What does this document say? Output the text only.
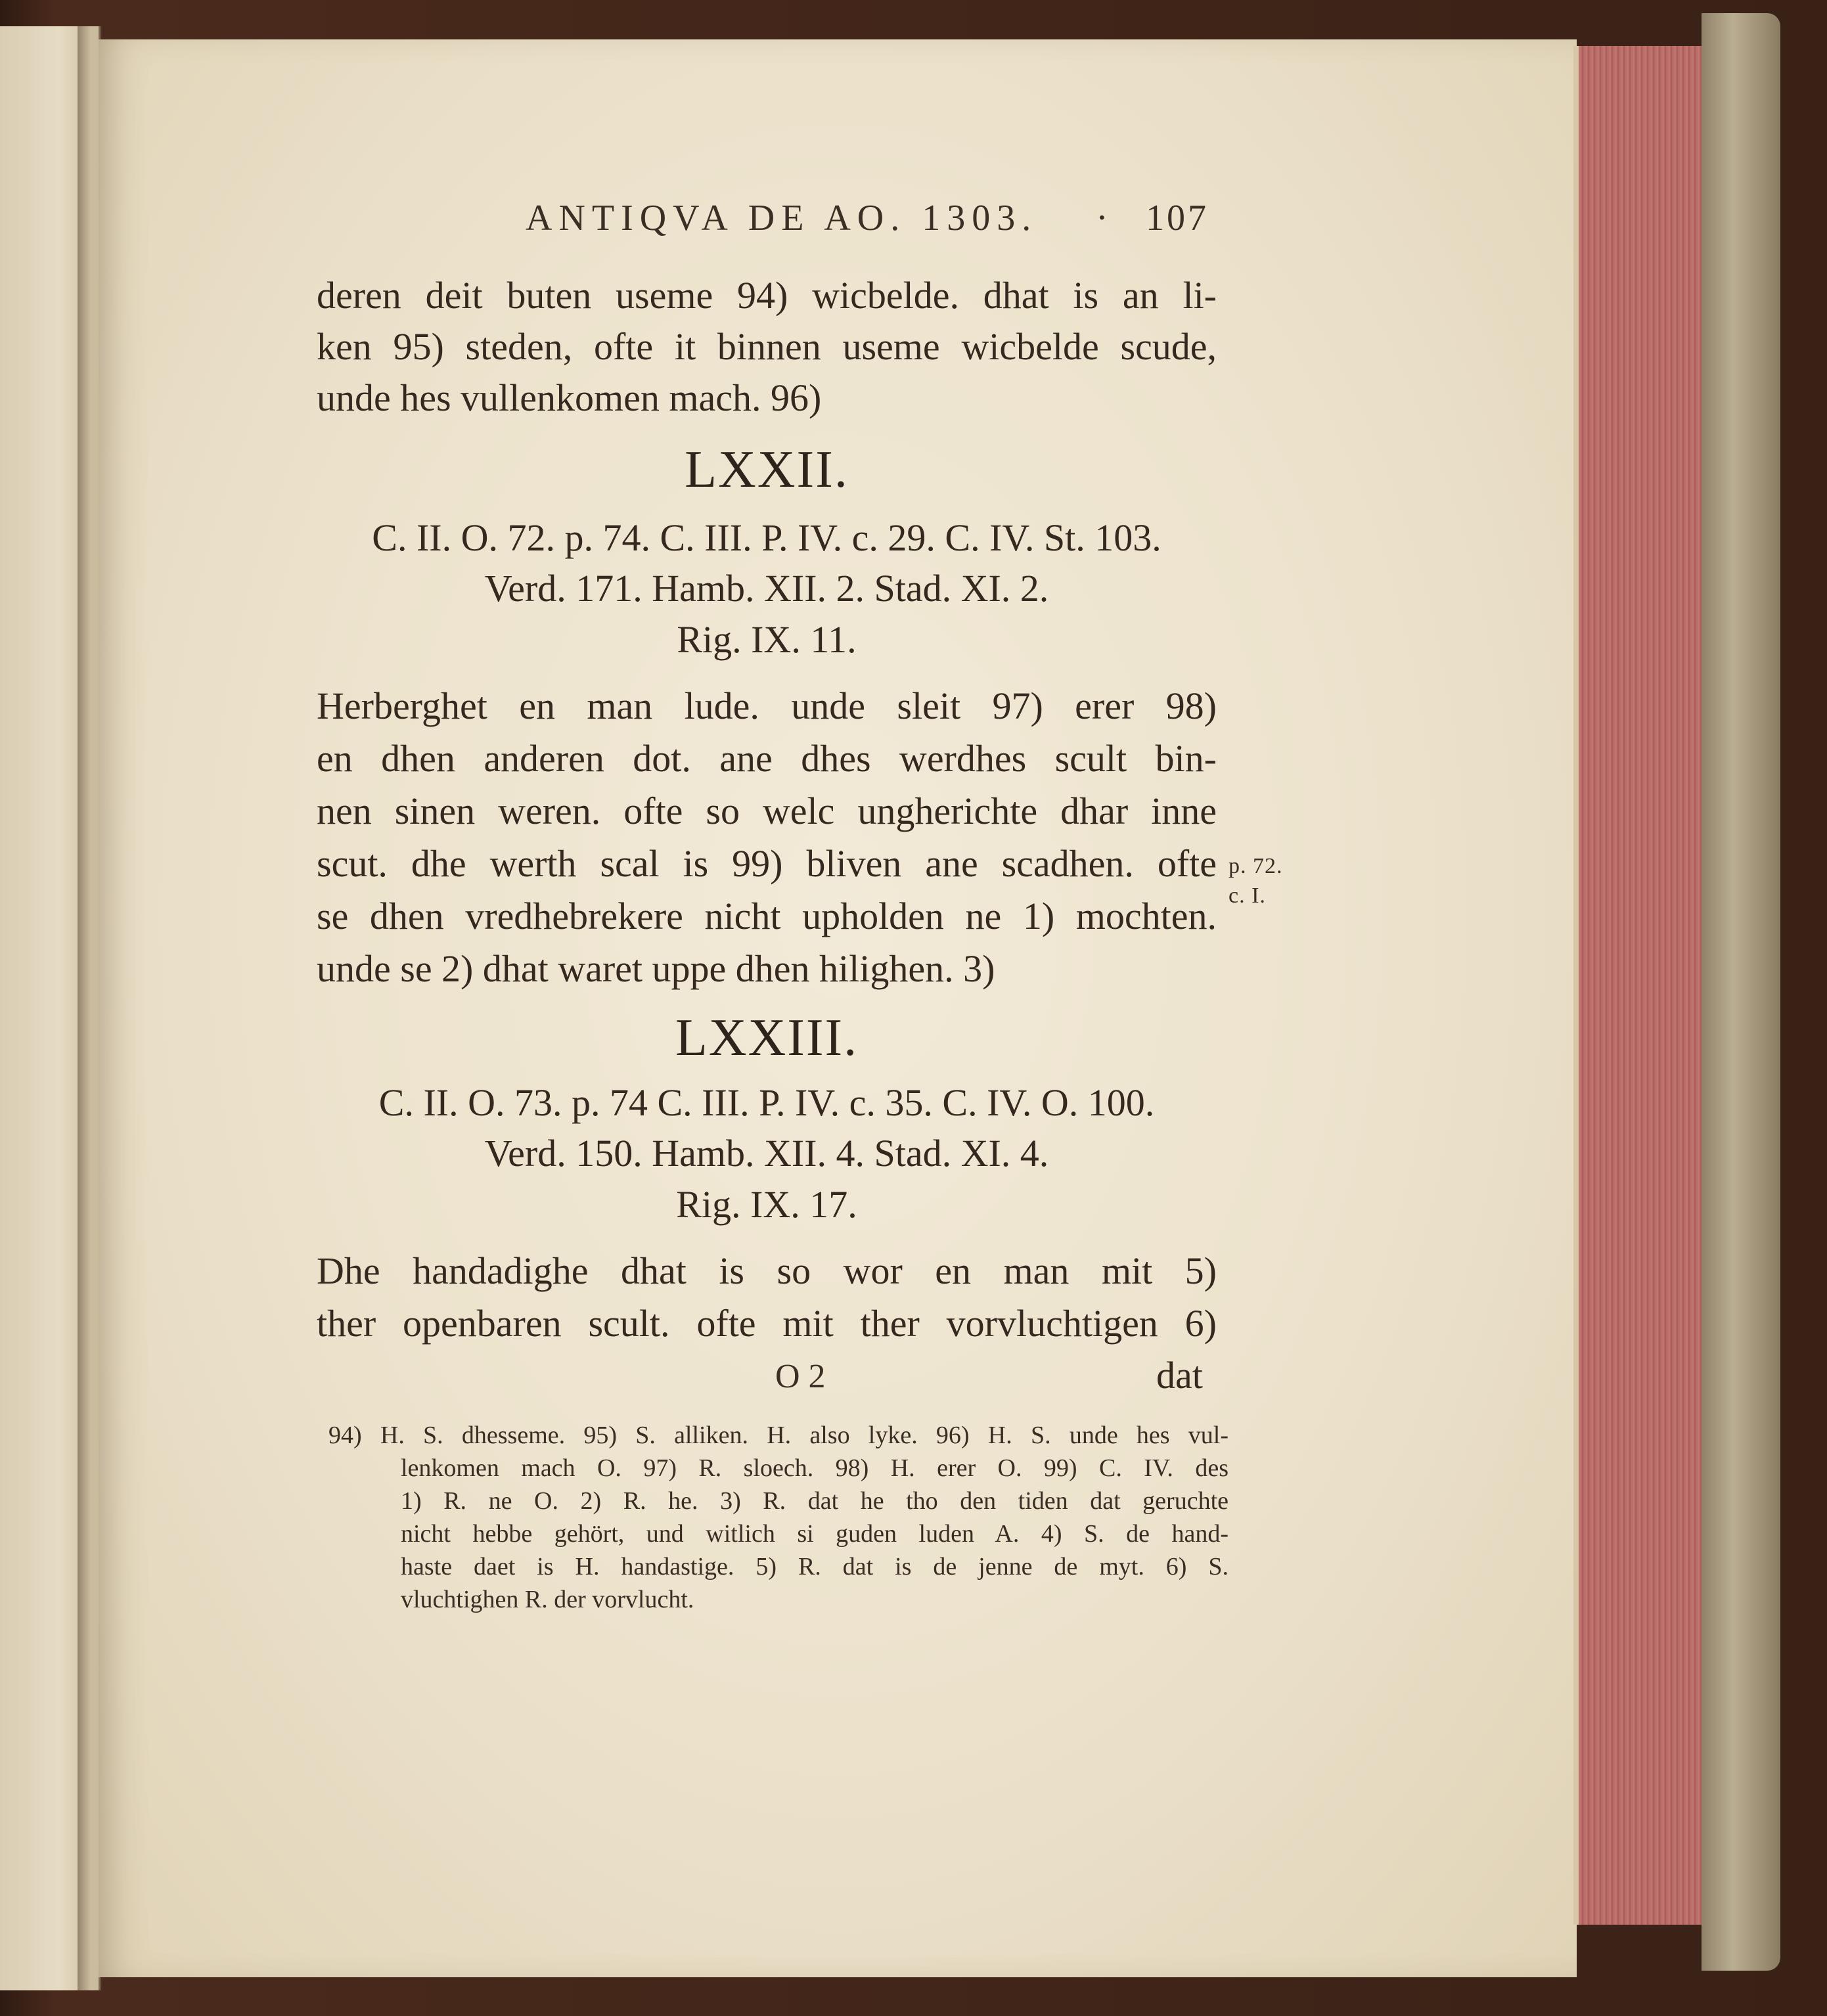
ANTIQVA DE AO. 1303. · 107
deren deit buten useme 94) wicbelde. dhat is an li-
ken 95) steden, ofte it binnen useme wicbelde scude,
unde hes vullenkomen mach. 96)
LXXII.
C. II. O. 72. p. 74. C. III. P. IV. c. 29. C. IV. St. 103.
Verd. 171. Hamb. XII. 2. Stad. XI. 2.
Rig. IX. 11.
Herberghet en man lude. unde sleit 97) erer 98)
en dhen anderen dot. ane dhes werdhes scult bin-
nen sinen weren. ofte so welc ungherichte dhar inne
scut. dhe werth scal is 99) bliven ane scadhen. ofte
se dhen vredhebrekere nicht upholden ne 1) mochten.
unde se 2) dhat waret uppe dhen hilighen. 3)
p. 72.
c. I.
LXXIII.
C. II. O. 73. p. 74 C. III. P. IV. c. 35. C. IV. O. 100.
Verd. 150. Hamb. XII. 4. Stad. XI. 4.
Rig. IX. 17.
Dhe handadighe dhat is so wor en man mit 5)
ther openbaren scult. ofte mit ther vorvluchtigen 6)
O 2	dat
94) H. S. dhesseme. 95) S. alliken. H. also lyke. 96) H. S. unde hes vul-
lenkomen mach O. 97) R. sloech. 98) H. erer O. 99) C. IV. des
1) R. ne O. 2) R. he. 3) R. dat he tho den tiden dat geruchte
nicht hebbe gehört, und witlich si guden luden A. 4) S. de hand-
haste daet is H. handastige. 5) R. dat is de jenne de myt. 6) S.
vluchtighen R. der vorvlucht.
